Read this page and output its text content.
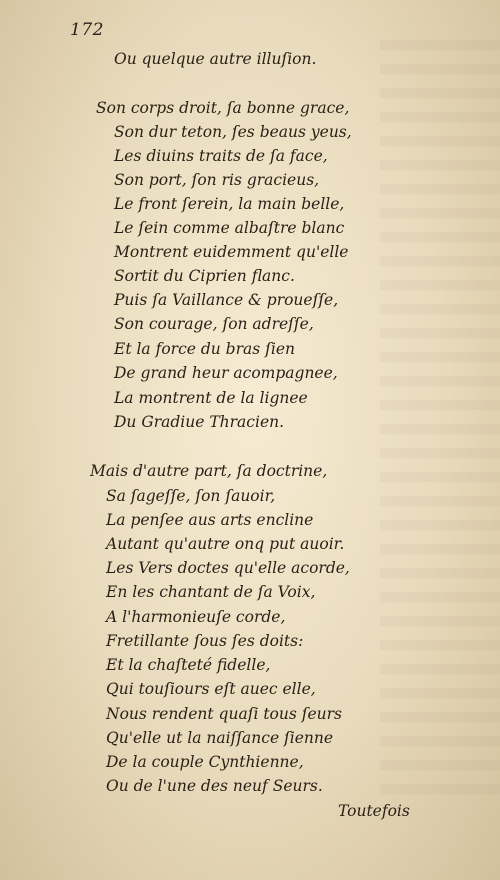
172
Ou quelque autre illuſion.
Son corps droit, ſa bonne grace,
Son dur teton, ſes beaus yeus,
Les diuins traits de ſa face,
Son port, ſon ris gracieus,
Le front ſerein, la main belle,
Le ſein comme albaſtre blanc
Montrent euidemment qu'elle
Sortit du Ciprien flanc.
Puis ſa Vaillance & proueſſe,
Son courage, ſon adreſſe,
Et la force du bras ſien
De grand heur acompagnee,
La montrent de la lignee
Du Gradiue Thracien.
Mais d'autre part, ſa doctrine,
Sa ſageſſe, ſon ſauoir,
La penſee aus arts encline
Autant qu'autre onq put auoir.
Les Vers doctes qu'elle acorde,
En les chantant de ſa Voix,
A l'harmonieuſe corde,
Fretillante ſous ſes doits:
Et la chaſteté fidelle,
Qui touſiours eſt auec elle,
Nous rendent quaſi tous ſeurs
Qu'elle ut la naiſſance ſienne
De la couple Cynthienne,
Ou de l'une des neuf Seurs.
Toutefois
